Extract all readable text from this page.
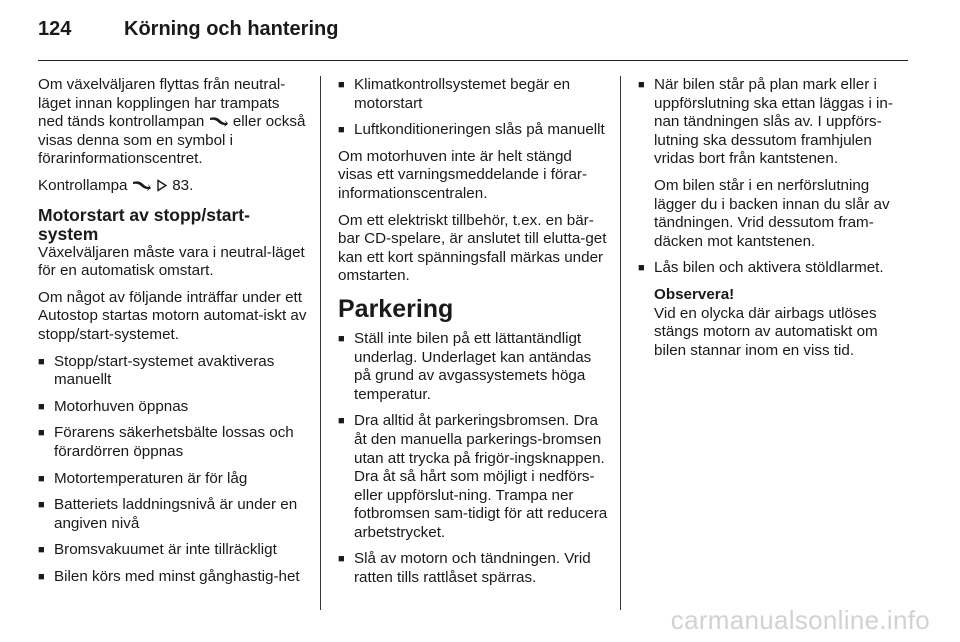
124	Körning och hantering

Om växelväljaren flyttas från neutral-läget innan kopplingen har trampats ned tänds kontrollampan eller också visas denna som en symbol i förarinformationscentret.

Kontrollampa	83.

Motorstart av stopp/start-system

Växelväljaren måste vara i neutral-läget för en automatisk omstart.

Om något av följande inträffar under ett Autostop startas motorn automat-iskt av stopp/start-systemet.

■ Stopp/start-systemet avaktiveras manuellt
■ Motorhuven öppnas
■ Förarens säkerhetsbälte lossas och förardörren öppnas
■ Motortemperaturen är för låg
■ Batteriets laddningsnivå är under en angiven nivå
■ Bromsvakuumet är inte tillräckligt
■ Bilen körs med minst gånghastig-het
■ Klimatkontrollsystemet begär en motorstart
■ Luftkonditioneringen slås på manuellt

Om motorhuven inte är helt stängd visas ett varningsmeddelande i förar-informationscentralen.

Om ett elektriskt tillbehör, t.ex. en bär-bar CD-spelare, är anslutet till elutta-get kan ett kort spänningsfall märkas under omstarten.

Parkering
■ Ställ inte bilen på ett lättantändligt underlag. Underlaget kan antändas på grund av avgassystemets höga temperatur.
■ Dra alltid åt parkeringsbromsen. Dra åt den manuella parkerings-bromsen utan att trycka på frigör-ingsknappen. Dra åt så hårt som möjligt i nedförs- eller uppförslut-ning. Trampa ner fotbromsen sam-tidigt för att reducera arbetstrycket.
■ Slå av motorn och tändningen. Vrid ratten tills rattlåset spärras.
■ När bilen står på plan mark eller i uppförslutning ska ettan läggas i in-nan tändningen slås av. I uppförs-lutning ska dessutom framhjulen vridas bort från kantstenen.

Om bilen står i en nerförslutning lägger du i backen innan du slår av tändningen. Vrid dessutom fram-däcken mot kantstenen.

■ Lås bilen och aktivera stöldlarmet.

Observera!

Vid en olycka där airbags utlöses stängs motorn av automatiskt om bilen stannar inom en viss tid.

carmanualsonline.info
